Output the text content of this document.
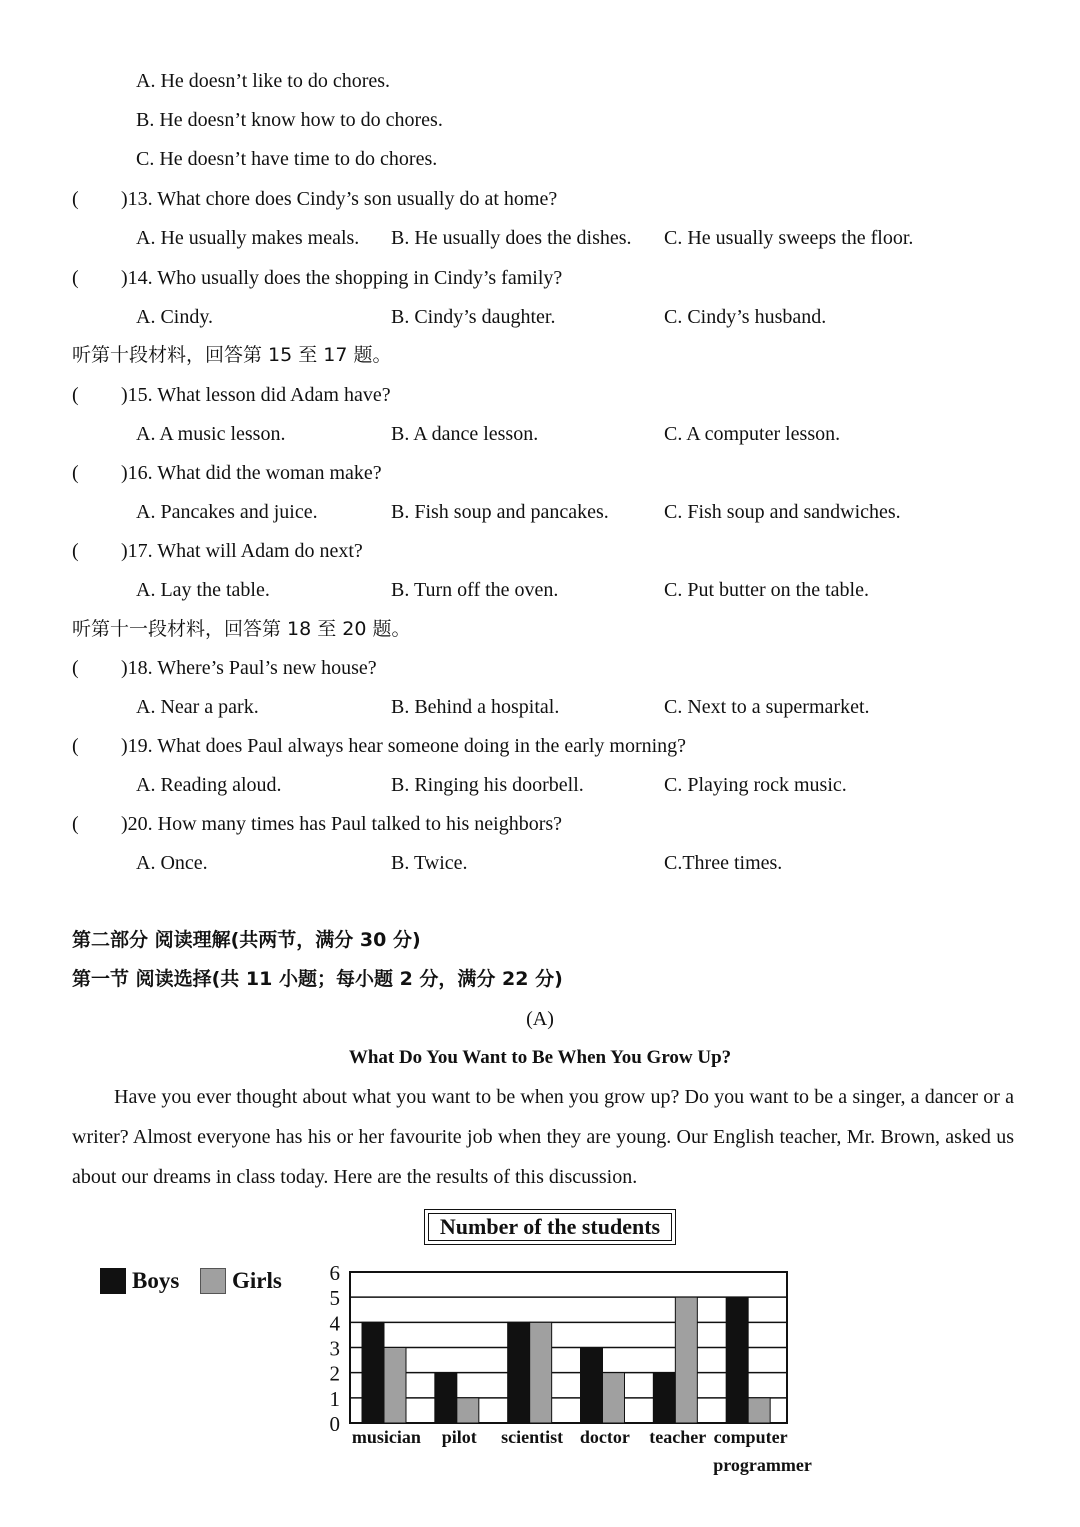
A. He doesn’t like to do chores.
B. He doesn’t know how to do chores.
C. He doesn’t have time to do chores.
( )13. What chore does Cindy’s son usually do at home?
A. He usually makes meals. B. He usually does the dishes. C. He usually sweeps the floor.
( )14. Who usually does the shopping in Cindy’s family?
A. Cindy.	B. Cindy’s daughter.	C. Cindy’s husband.
听第十段材料，回答第 15 至 17 题。
( )15. What lesson did Adam have?
A. A music lesson.	B. A dance lesson.	C. A computer lesson.
( )16. What did the woman make?
A. Pancakes and juice.	B. Fish soup and pancakes.	C. Fish soup and sandwiches.
( )17. What will Adam do next?
A. Lay the table.	B. Turn off the oven.	C. Put butter on the table.
听第十一段材料，回答第 18 至 20 题。
( )18. Where’s Paul’s new house?
A. Near a park.	B. Behind a hospital.	C. Next to a supermarket.
( )19. What does Paul always hear someone doing in the early morning?
A. Reading aloud.	B. Ringing his doorbell.	C. Playing rock music.
( )20. How many times has Paul talked to his neighbors?
A. Once.	B. Twice.	C.Three times.
第二部分 阅读理解(共两节，满分 30 分)
第一节 阅读选择(共 11 小题；每小题 2 分，满分 22 分)
(A)
What Do You Want to Be When You Grow Up?
Have you ever thought about what you want to be when you grow up? Do you want to be a singer, a dancer or a writer? Almost everyone has his or her favourite job when they are young. Our English teacher, Mr. Brown, asked us about our dreams in class today. Here are the results of this discussion.
Number of the students
Boys Girls
0
1
2
3
4
5
6
musician pilot scientist doctor teacher computer
programmer
